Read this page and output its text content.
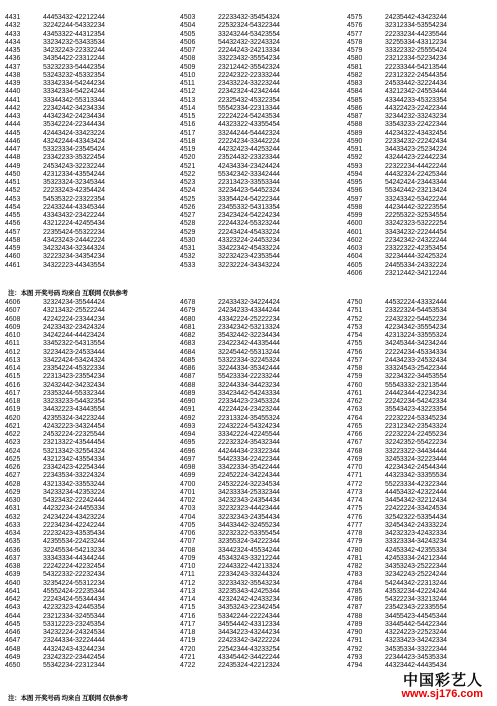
注：本图 开奖号码 均来自 互联网 仅供参考
注：本图 开奖号码 均来自 互联网 仅供参考
4431	44453432-42212244
4432	32242244-54332234
4433	43453322-44312354
4434	33234232-53433534
4435	34232243-22332244
4436	34354422-23312244
4437	53232233-54442354
4438	53243232-45332354
4439	33342334-54244234
4440	33342334-54224244
4441	33344342-55313344
4442	22342442-34234334
4443	44342342-24234434
4444	35342224-22344434
4445	42443424-33423224
4446	43242244-43343424
4447	53323334-23545424
4448	23342233-35322454
4449	24534243-32232244
4450	42312334-43554244
4451	35323324-32345344
4452	22233243-42354424
4453	54535322-23322354
4454	22433244-43345344
4455	43343432-23422244
4456	43212224-42455434
4457	22355424-55322234
4458	43423243-24442224
4459	34232434-32344324
4460	32223234-34354234
4461	34322223-44343554
4503	22233432-35454324
4504	22532324-54322344
4505	33243244-53423554
4506	54432432-32243324
4507	22244243-24213334
4508	33223432-35554234
4509	23212442-35542324
4510	22242322-22333244
4511	23433224-33223244
4512	22342324-42342444
4513	22325432-45322354
4514	55542334-22313344
4515	22224224-54243534
4516	44323322-43355454
4517	33244244-54442324
4518	22224234-33442224
4519	44232423-44253244
4520	23524432-23323344
4521	42434334-23424424
4522	55342342-33342444
4523	22313423-33553344
4524	32234423-54452324
4525	33354424-54222344
4526	23455332-54313354
4527	23423424-54224234
4528	22244324-55323244
4529	22243424-45433224
4530	43323224-24453234
4531	33422342-45433224
4532	32232423-42353544
4533	32232224-34343224
4575	24235442-43423244
4576	32312334-53554234
4577	22233234-44235544
4578	32255334-43312234
4579	33322332-25555424
4580	23212334-52234234
4581	22233344-54213544
4582	22312322-24544354
4583	24533442-32224434
4584	43212342-24553444
4585	43344233-45323354
4586	44322423-22422344
4587	32344232-33243234
4588	33543233-22422344
4589	44234322-43432454
4590	22334232-22242434
4591	34433423-25234224
4592	43244423-22442234
4593	22322234-44422244
4594	44432324-22425344
4595	54242424-23443344
4596	55342442-23213424
4597	33243342-53422244
4598	44234442-32223554
4599	22255322-32534554
4600	33242323-53222254
4601	33434232-22244454
4602	22342342-24322244
4603	23322322-42353454
4604	32234444-32425324
4605	24455334-24332224
4606	23212442-34212244
4606	32324234-35544424
4607	43213432-25522244
4608	42242224-23344234
4609	24233432-23424324
4610	34242244-44423424
4611	33452322-54313554
4612	32234423-24533444
4613	33422424-53424324
4614	23354224-45322334
4615	22313423-23554234
4616	32432442-34232434
4617	23353244-55332344
4618	33233233-54432354
4619	34432223-43443554
4620	42355324-34223244
4621	42432223-34324454
4622	24532224-22325544
4623	23213322-43544454
4624	53213342-32554324
4625	43212342-43554334
4626	23342423-42254344
4627	22343534-33224324
4628	43213342-33553244
4629	34233234-42353224
4630	54323432-22242444
4631	44232234-24455334
4632	24234224-43423224
4633	22234234-42242244
4634	22232423-43535434
4635	42355534-22423244
4636	32245534-54213234
4637	33343334-44344244
4638	22242224-42232454
4639	54322332-22232434
4640	32354224-55312234
4641	45552424-22235344
4642	22243424-55344434
4643	42232323-42445354
4644	23212334-32455344
4645	53312223-23245354
4646	34232224-24324534
4647	23244334-32224444
4648	44324243-43244234
4649	23242322-23442454
4650	55342234-22312344
4678	22433432-34224424
4679	24234233-43344244
4680	43342224-25222234
4681	23342342-53213324
4682	35432442-32234434
4683	23422342-44335444
4684	32245442-55313244
4685	53322334-32245324
4686	32244334-35342444
4687	55423334-22233244
4688	32244334-34423234
4689	33423442-54243334
4690	22334423-23453324
4691	42224424-23423244
4692	22313324-35455324
4693	22432224-54324234
4694	33342224-42245544
4695	22232324-35432344
4696	44244434-23322344
4697	54423334-22422344
4698	33422334-35422444
4699	22452224-34224344
4700	24532224-32234534
4701	34233334-25332344
4702	34232343-24354434
4703	32232323-44423444
4704	32232343-24354434
4705	34433442-32455234
4706	32232322-53355454
4707	32355324-34222344
4708	33442324-45534244
4709	45343243-33212244
4710	22443322-44213324
4711	22334243-33244324
4712	32233432-35543234
4713	32235343-42425344
4714	42324242-42433234
4715	34353243-22342454
4716	53342244-22224344
4717	34554442-43312334
4718	34434223-43244234
4719	22423342-34222224
4720	22542344-43233254
4721	43345442-34422244
4722	22435324-42212324
4750	44532224-43332444
4751	23322324-54453534
4752	22432322-54452234
4753	42234342-35554234
4754	42313224-33555324
4755	34245344-34234244
4756	22224234-45334334
4757	24434233-24532434
4758	33324543-25422344
4759	32234322-34453554
4760	55543332-23213544
4761	24442344-42234234
4762	22242234-54242334
4763	35543423-43223354
4764	22232224-53345234
4765	22312342-23543324
4766	22232224-22455234
4767	32242352-55422234
4768	33223322-34434444
4769	32453324-32223444
4770	42234342-24544344
4771	44323342-33355534
4772	55223334-42322344
4773	44453432-42322444
4774	34454342-32212434
4775	22422224-33424534
4776	32542322-53354434
4777	32454342-24333224
4778	34232323-42432334
4779	33323334-34243234
4780	42453342-42355334
4781	42453334-24212344
4782	34353243-25222344
4783	32342243-25224244
4784	54244342-22313244
4785	43532234-42224244
4786	54322234-33213244
4787	23542343-22335554
4788	34455423-44545344
4789	33445442-54422344
4790	43224223-22523244
4791	43233423-34242334
4792	34535334-33222344
4793	22344423-34535334
4794	44323442-44435434
中国彩艺人
www.sj176.com
